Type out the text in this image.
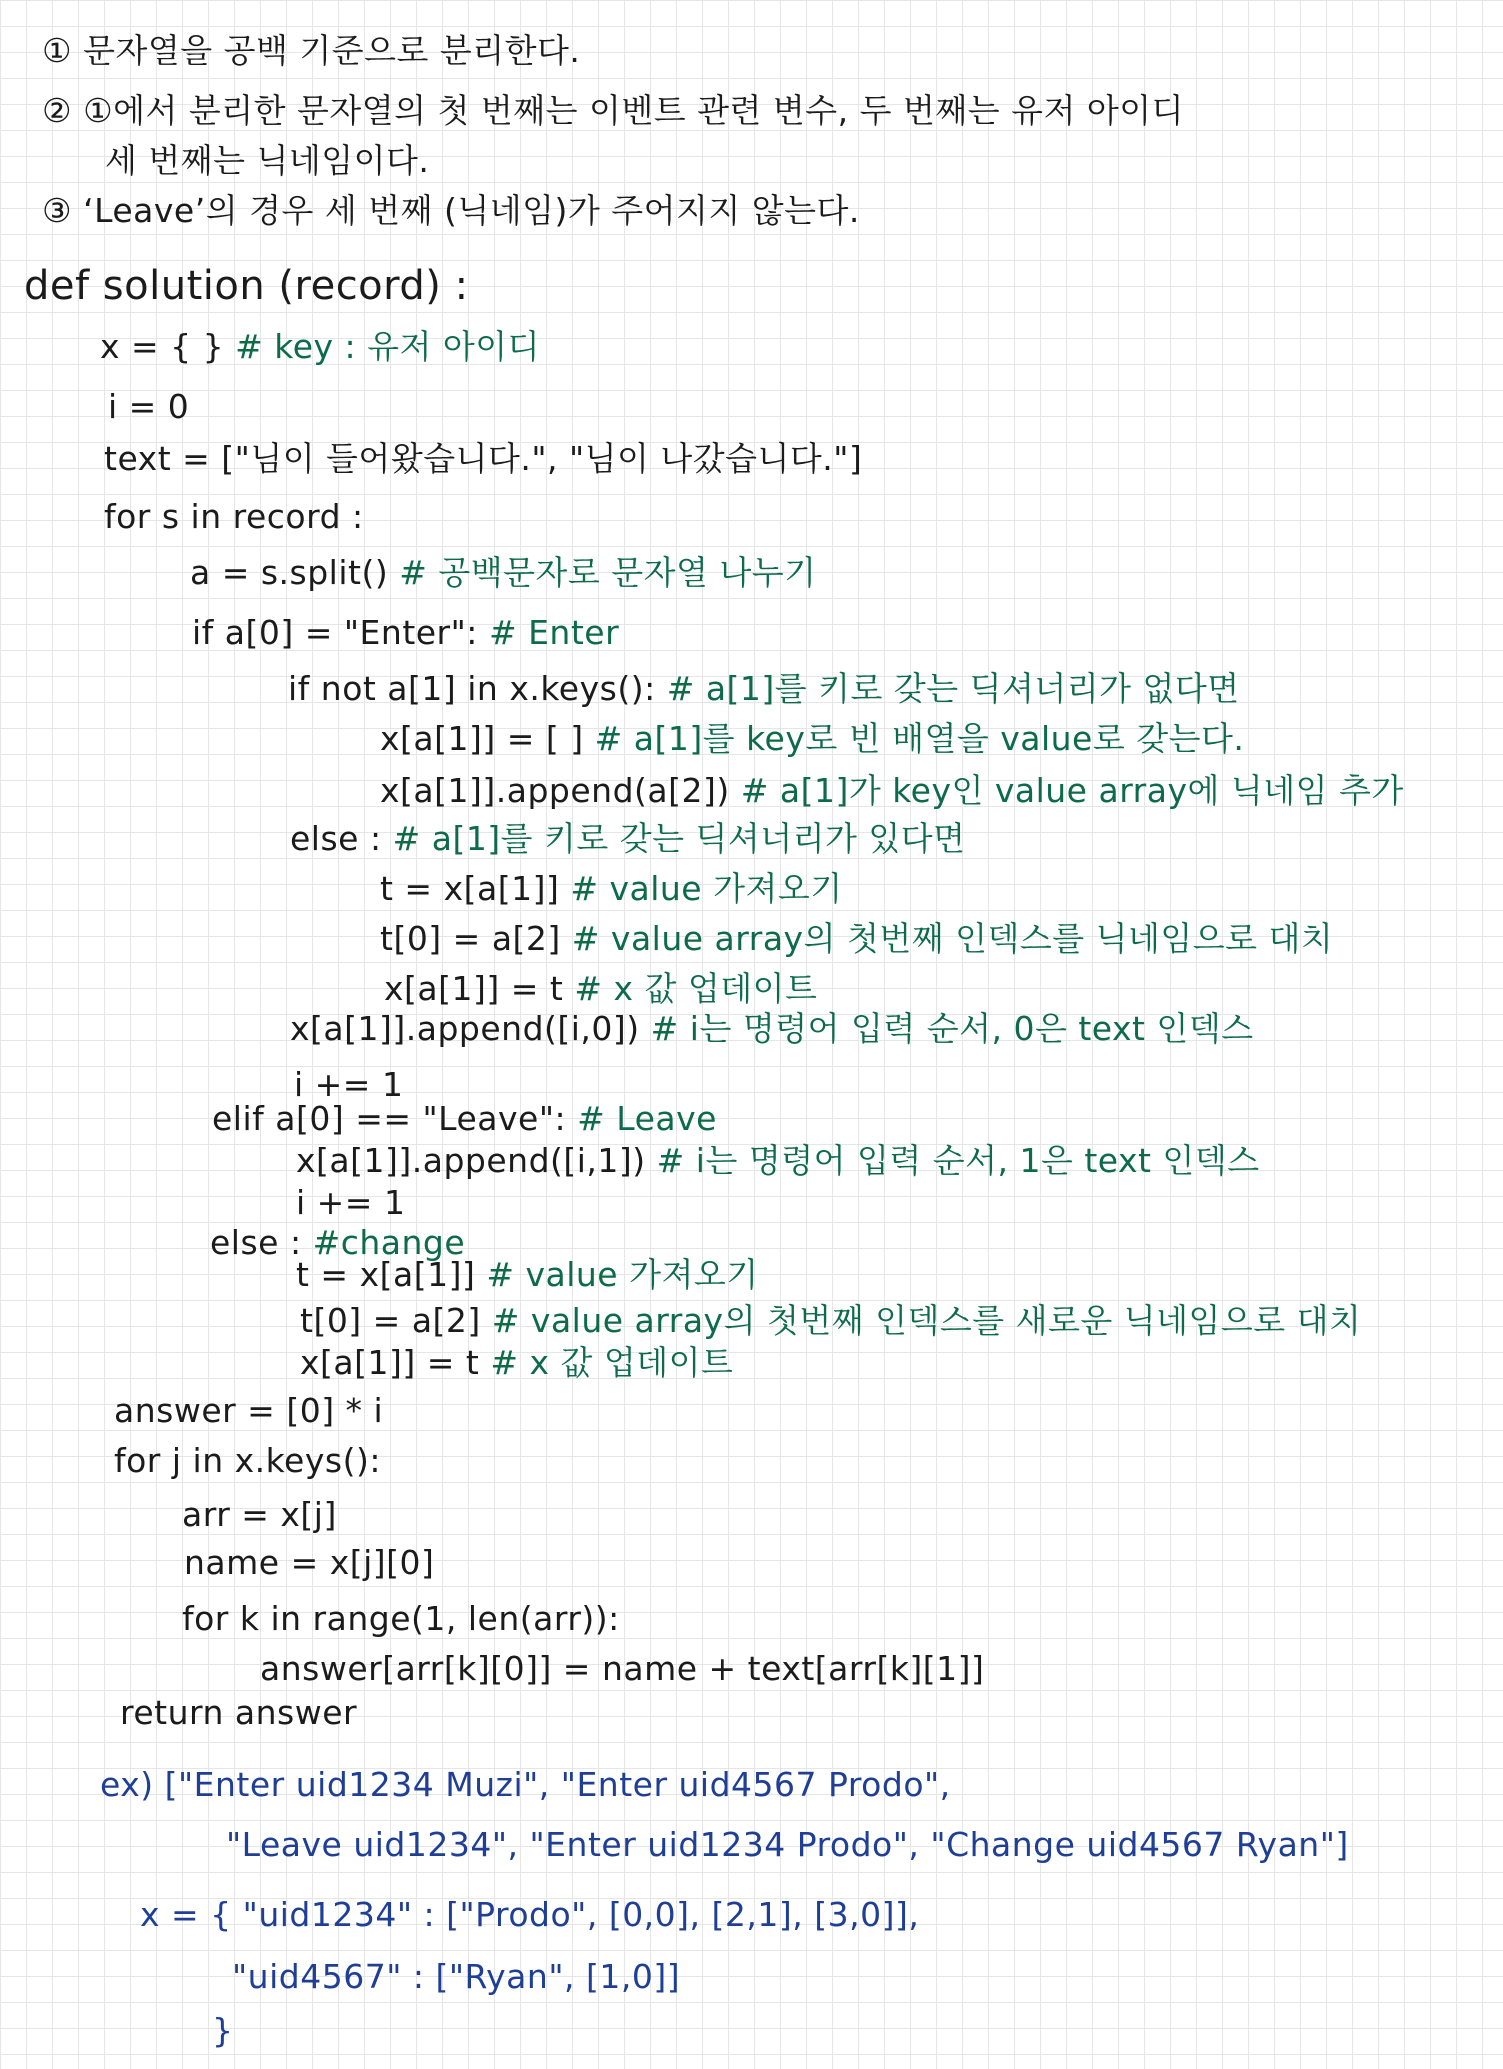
① 문자열을 공백 기준으로 분리한다.
② ①에서 분리한 문자열의 첫 번째는 이벤트 관련 변수, 두 번째는 유저 아이디
세 번째는 닉네임이다.
③ ‘Leave’의 경우 세 번째 (닉네임)가 주어지지 않는다.
def solution (record) :
x = { } # key : 유저 아이디
i = 0
text = ["님이 들어왔습니다.", "님이 나갔습니다."]
for s in record :
a = s.split() # 공백문자로 문자열 나누기
if a[0] = "Enter": # Enter
if not a[1] in x.keys(): # a[1]를 키로 갖는 딕셔너리가 없다면
x[a[1]] = [ ] # a[1]를 key로 빈 배열을 value로 갖는다.
x[a[1]].append(a[2]) # a[1]가 key인 value array에 닉네임 추가
else : # a[1]를 키로 갖는 딕셔너리가 있다면
t = x[a[1]] # value 가져오기
t[0] = a[2] # value array의 첫번째 인덱스를 닉네임으로 대치
x[a[1]] = t # x 값 업데이트
x[a[1]].append([i,0]) # i는 명령어 입력 순서, 0은 text 인덱스
i += 1
elif a[0] == "Leave": # Leave
x[a[1]].append([i,1]) # i는 명령어 입력 순서, 1은 text 인덱스
i += 1
else : #change
t = x[a[1]] # value 가져오기
t[0] = a[2] # value array의 첫번째 인덱스를 새로운 닉네임으로 대치
x[a[1]] = t # x 값 업데이트
answer = [0] * i
for j in x.keys():
arr = x[j]
name = x[j][0]
for k in range(1, len(arr)):
answer[arr[k][0]] = name + text[arr[k][1]]
return answer
ex) ["Enter uid1234 Muzi", "Enter uid4567 Prodo",
"Leave uid1234", "Enter uid1234 Prodo", "Change uid4567 Ryan"]
x = { "uid1234" : ["Prodo", [0,0], [2,1], [3,0]],
"uid4567" : ["Ryan", [1,0]]
}
